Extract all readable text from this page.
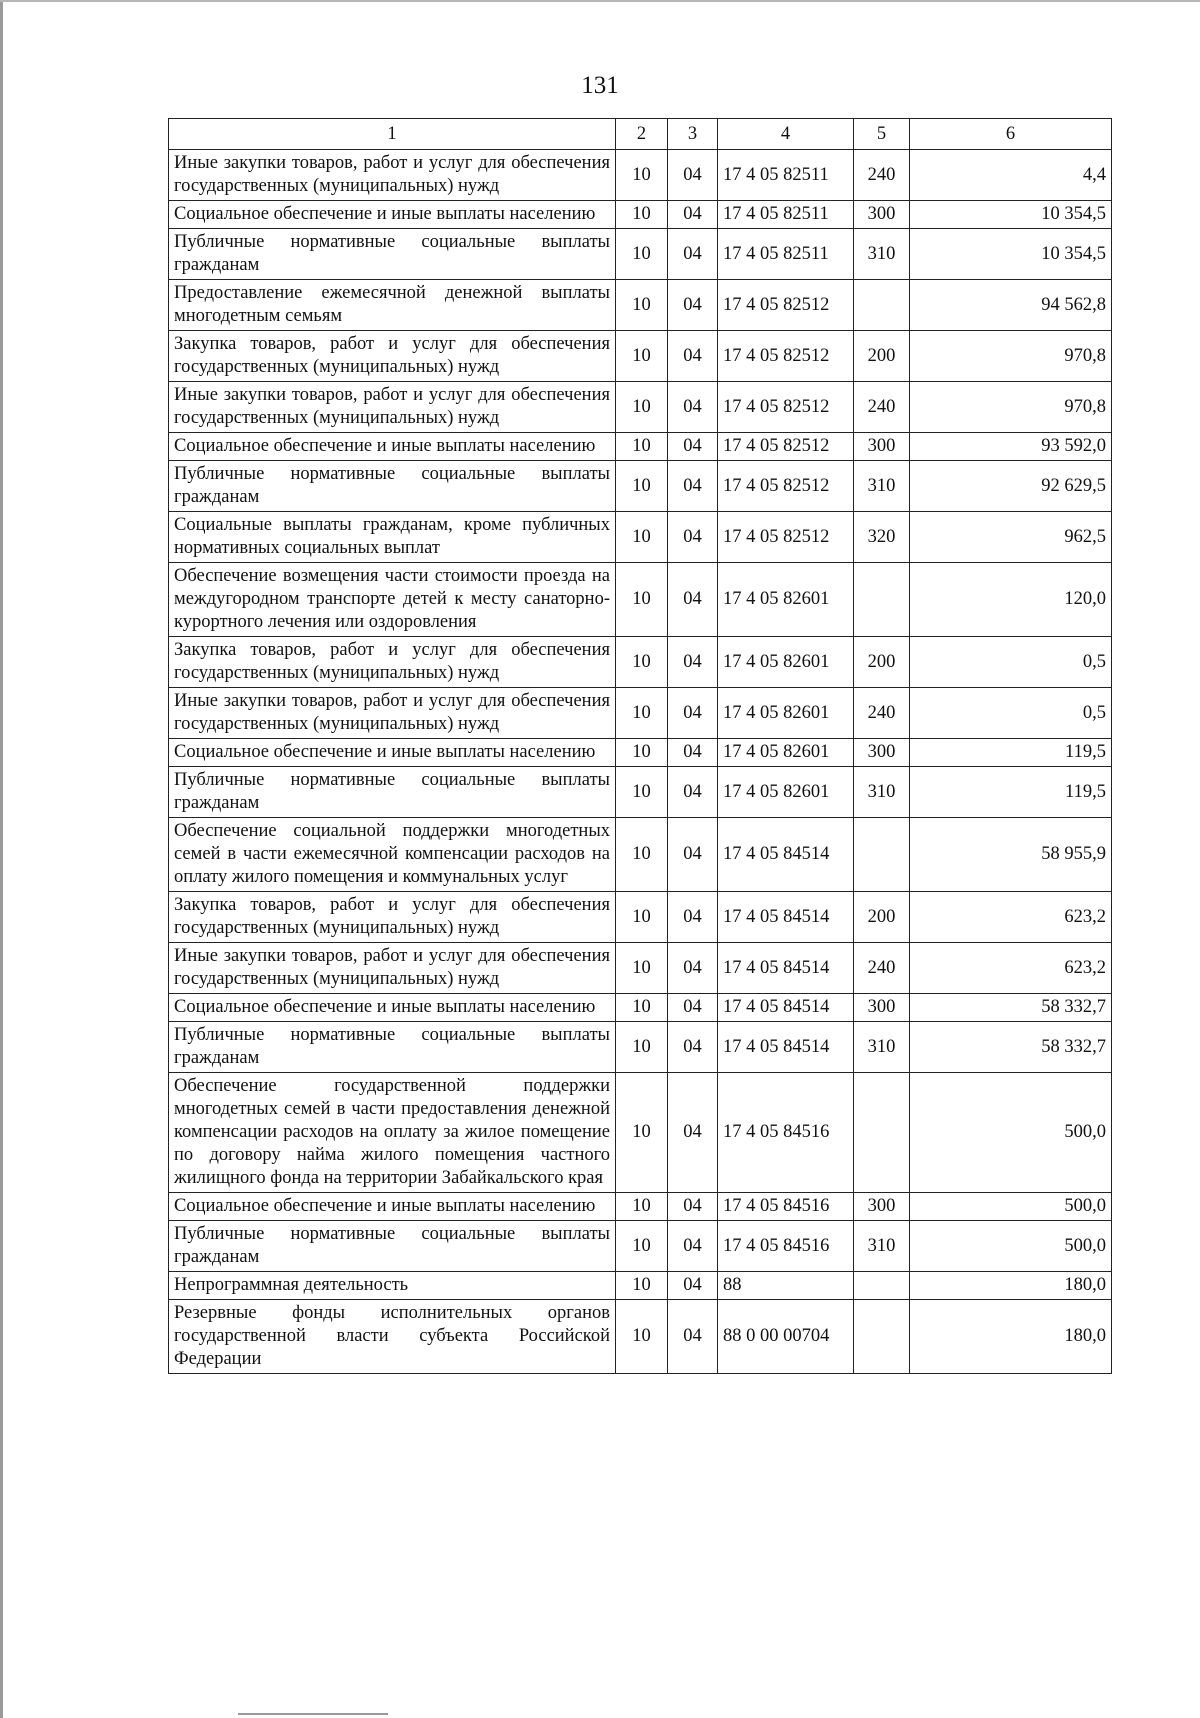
131
1	2	3	4	5	6
Иные закупки товаров, работ и услуг для обеспечения государственных (муниципальных) нужд	10	04	17 4 05 82511	240	4,4
Социальное обеспечение и иные выплаты населению	10	04	17 4 05 82511	300	10 354,5
Публичные нормативные социальные выплаты гражданам	10	04	17 4 05 82511	310	10 354,5
Предоставление ежемесячной денежной выплаты многодетным семьям	10	04	17 4 05 82512		94 562,8
Закупка товаров, работ и услуг для обеспечения государственных (муниципальных) нужд	10	04	17 4 05 82512	200	970,8
Иные закупки товаров, работ и услуг для обеспечения государственных (муниципальных) нужд	10	04	17 4 05 82512	240	970,8
Социальное обеспечение и иные выплаты населению	10	04	17 4 05 82512	300	93 592,0
Публичные нормативные социальные выплаты гражданам	10	04	17 4 05 82512	310	92 629,5
Социальные выплаты гражданам, кроме публичных нормативных социальных выплат	10	04	17 4 05 82512	320	962,5
Обеспечение возмещения части стоимости проезда на междугородном транспорте детей к месту санаторно-курортного лечения или оздоровления	10	04	17 4 05 82601		120,0
Закупка товаров, работ и услуг для обеспечения государственных (муниципальных) нужд	10	04	17 4 05 82601	200	0,5
Иные закупки товаров, работ и услуг для обеспечения государственных (муниципальных) нужд	10	04	17 4 05 82601	240	0,5
Социальное обеспечение и иные выплаты населению	10	04	17 4 05 82601	300	119,5
Публичные нормативные социальные выплаты гражданам	10	04	17 4 05 82601	310	119,5
Обеспечение социальной поддержки многодетных семей в части ежемесячной компенсации расходов на оплату жилого помещения и коммунальных услуг	10	04	17 4 05 84514		58 955,9
Закупка товаров, работ и услуг для обеспечения государственных (муниципальных) нужд	10	04	17 4 05 84514	200	623,2
Иные закупки товаров, работ и услуг для обеспечения государственных (муниципальных) нужд	10	04	17 4 05 84514	240	623,2
Социальное обеспечение и иные выплаты населению	10	04	17 4 05 84514	300	58 332,7
Публичные нормативные социальные выплаты гражданам	10	04	17 4 05 84514	310	58 332,7
Обеспечение государственной поддержки многодетных семей в части предоставления денежной компенсации расходов на оплату за жилое помещение по договору найма жилого помещения частного жилищного фонда на территории Забайкальского края	10	04	17 4 05 84516		500,0
Социальное обеспечение и иные выплаты населению	10	04	17 4 05 84516	300	500,0
Публичные нормативные социальные выплаты гражданам	10	04	17 4 05 84516	310	500,0
Непрограммная деятельность	10	04	88		180,0
Резервные фонды исполнительных органов государственной власти субъекта Российской Федерации	10	04	88 0 00 00704		180,0
